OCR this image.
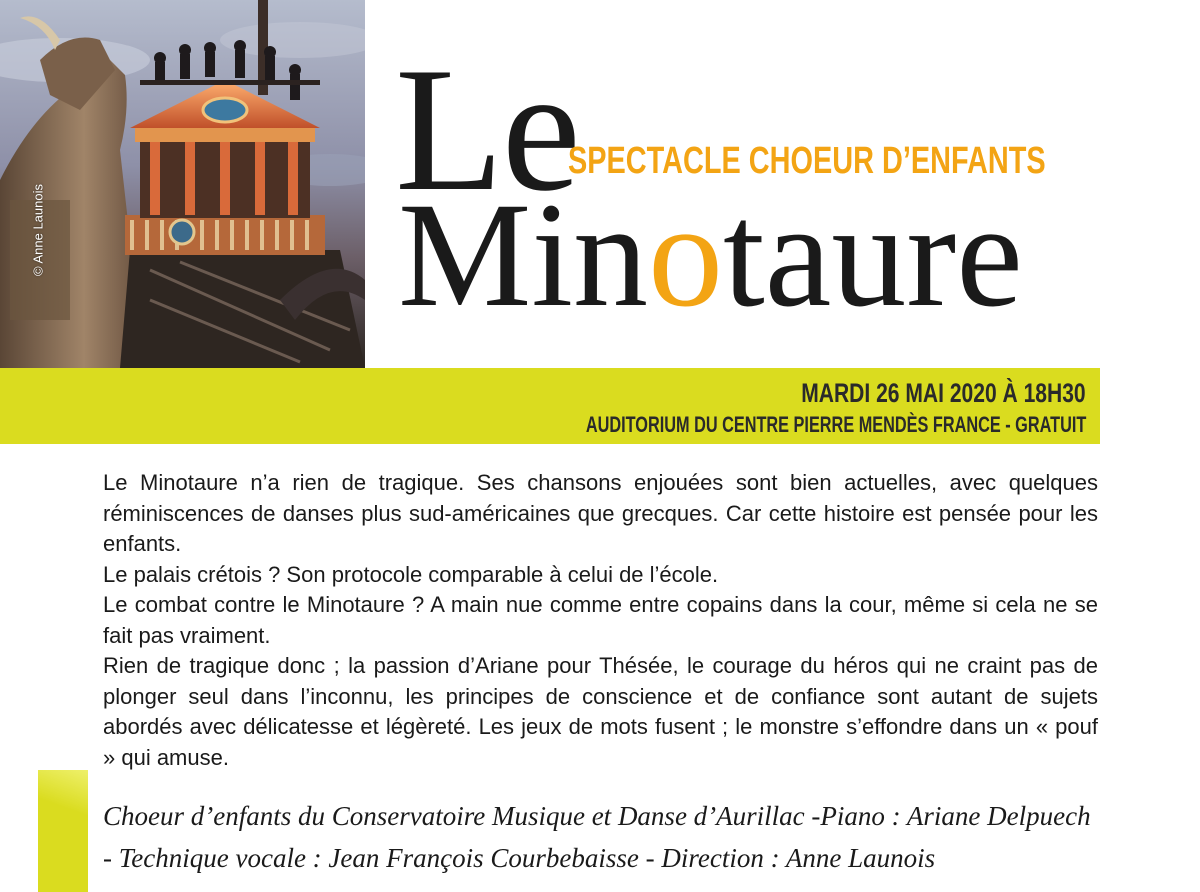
© Anne Launois
Le
SPECTACLE CHOEUR D’ENFANTS
Minotaure
MARDI 26 MAI 2020 À 18H30
AUDITORIUM DU CENTRE PIERRE MENDÈS FRANCE - GRATUIT

Le Minotaure n’a rien de tragique. Ses chansons enjouées sont bien actuelles, avec quelques réminiscences de danses plus sud-américaines que grecques. Car cette histoire est pensée pour les enfants.

Le palais crétois ? Son protocole comparable à celui de l’école.

Le combat contre le Minotaure ? A main nue comme entre copains dans la cour, même si cela ne se fait pas vraiment.

Rien de tragique donc ; la passion d’Ariane pour Thésée, le courage du héros qui ne craint pas de plonger seul dans l’inconnu, les principes de conscience et de confiance sont autant de sujets abordés avec délicatesse et légèreté. Les jeux de mots fusent ; le monstre s’effondre dans un « pouf » qui amuse.

Choeur d’enfants du Conservatoire Musique et Danse d’Aurillac -Piano : Ariane Delpuech

- Technique vocale : Jean François Courbebaisse - Direction : Anne Launois
